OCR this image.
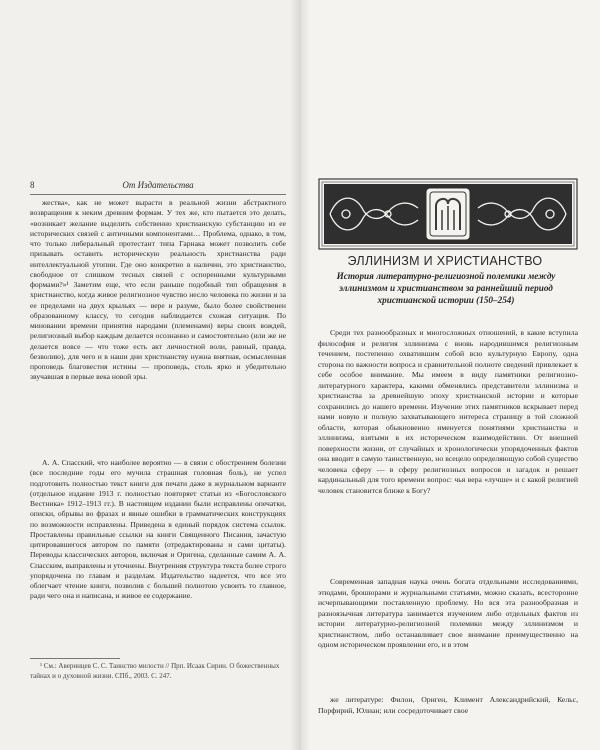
8	От Издательства

жества», как не может вырасти в реальной жизни абстрактного возвращения к неким древним формам. У тех же, кто пытается это делать, «возникает желание выделить собственно христианскую субстанцию из ее исторических связей с античными компонентами… Проблема, однако, в том, что только либеральный протестант типа Гарнака может позволить себе призывать оставить историческую реальность христианства ради интеллектуальной утопии. Где оно конкретно в наличии, это христианство, свободное от слишком тесных связей с оспоренными культурными формами?»¹ Заметим еще, что если раньше подобный тип обращения в христианство, когда живое религиозное чувство несло человека по жизни и за ее пределами на двух крыльях — вере и разуме, было более свойственен образованному классу, то сегодня наблюдается схожая ситуация. По миновании времени принятия народами (племенами) веры своих вождей, религиозный выбор каждым делается осознанно и самостоятельно (или же не делается вовсе — что тоже есть акт личностной воли, равный, правда, безволию), для чего и в наши дни христианству нужна внятная, осмысленная проповедь благовестия истины — проповедь, столь ярко и убедительно звучавшая в первые века новой эры.

А. А. Спасский, что наиболее вероятно — в связи с обострением болезни (все последние годы его мучила страшная головная боль), не успел подготовить полностью текст книги для печати даже в журнальном варианте (отдельное издание 1913 г. полностью повторяет статьи из «Богословского Вестника» 1912–1913 гг.). В настоящем издании были исправлены опечатки, описки, обрывы во фразах и явные ошибки в грамматических конструкциях по возможности исправлены. Приведена в единый порядок система ссылок. Проставлены правильные ссылки на книги Священного Писания, зачастую цитировавшегося автором по памяти (отредактированы и сами цитаты). Переводы классических авторов, включая и Оригена, сделанные самим А. А. Спасским, выправлены и уточнены. Внутренняя структура текста более строго упорядочена по главам и разделам. Издательство надеется, что все это облегчает чтение книги, позволив с большей полнотою усвоить то главное, ради чего она и написана, и живое ее содержание.

¹ См.: Аверинцев С. С. Таинство милости // Прп. Исаак Сирин. О божественных тайнах и о духовной жизни. СПб., 2003. С. 247.
ЭЛЛИНИЗМ И ХРИСТИАНСТВО
История литературно-религиозной полемики между эллинизмом и христианством за раннейший период христианской истории (150–254)

Среди тех разнообразных и многосложных отношений, в какие вступила философия и религия эллинизма с вновь народившимся религиозным течением, постепенно охватившим собой всю культурную Европу, одна сторона по важности вопроса и сравнительной полноте сведений привлекает к себе особое внимание. Мы имеем в виду памятники религиозно-литературного характера, какими обменялись представители эллинизма и христианства за древнейшую эпоху христианской истории и которые сохранились до нашего времени. Изучение этих памятников вскрывает перед нами новую и полную захватывающего интереса страницу в той сложной области, которая обыкновенно именуется понятиями христианства и эллинизма, взятыми в их историческом взаимодействии. От внешней поверхности жизни, от случайных и хронологически упорядоченных фактов она вводит в самую таинственную, но всецело определяющую собой существо человека сферу — в сферу религиозных вопросов и загадок и решает кардинальный для того времени вопрос: чья вера «лучше» и с какой религией человек становится ближе к Богу?

Современная западная наука очень богата отдельными исследованиями, этюдами, брошюрами и журнальными статьями, можно сказать, всесторонне исчерпывающими поставленную проблему. Но вся эта разнообразная и разноязычная литература занимается изучением либо отдельных фактов из истории литературно-религиозной полемики между эллинизмом и христианством, либо останавливает свое внимание преимущественно на одном историческом проявлении его, и в этом

же литературе: Филон, Ориген, Климент Александрийский, Кельс, Порфирий, Юлиан; или сосредоточивает свое
